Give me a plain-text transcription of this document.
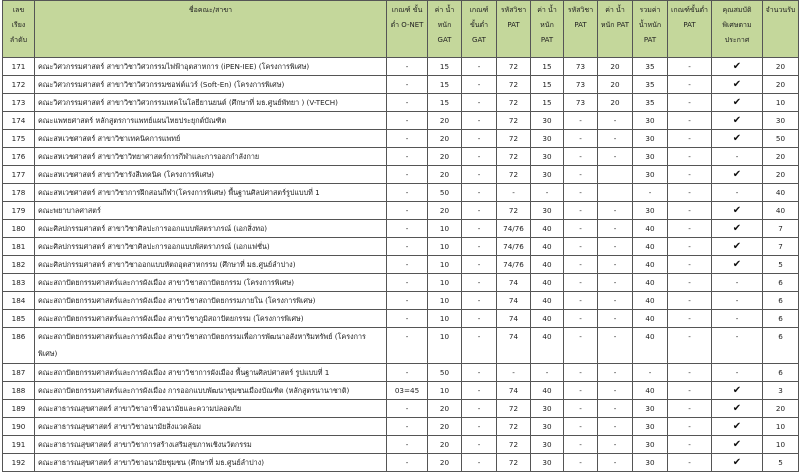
เลข เรียง ลำดับ	ชื่อคณะ/สาขา	เกณฑ์ ขั้นต่ำ O-NET	ค่า น้ำหนัก GAT	เกณฑ์ ขั้นต่ำ GAT	รหัสวิชา PAT	ค่า น้ำหนัก PAT	รหัสวิชา PAT	ค่า น้ำหนัก PAT	รวมค่า น้ำหนัก PAT	เกณฑ์ขั้นต่ำ PAT	คุณสมบัติ พิเศษตาม ประกาศ	จำนวนรับ
171	คณะวิศวกรรมศาสตร์ สาขาวิชาวิศวกรรมไฟฟ้าอุตสาหการ (iPEN-IEE) (โครงการพิเศษ)	-	15	-	72	15	73	20	35	-	✔	20
172	คณะวิศวกรรมศาสตร์ สาขาวิชาวิศวกรรมซอฟต์แวร์ (Soft-En) (โครงการพิเศษ)	-	15	-	72	15	73	20	35	-	✔	20
173	คณะวิศวกรรมศาสตร์ สาขาวิชาวิศวกรรมเทคโนโลยียานยนต์ (ศึกษาที่ มธ.ศูนย์พัทยา ) (V-TECH)	-	15	-	72	15	73	20	35	-	✔	10
174	คณะแพทยศาสตร์ หลักสูตรการแพทย์แผนไทยประยุกต์บัณฑิต	-	20	-	72	30	-	-	30	-	✔	30
175	คณะสหเวชศาสตร์ สาขาวิชาเทคนิคการแพทย์	-	20	-	72	30	-	-	30	-	✔	50
176	คณะสหเวชศาสตร์ สาขาวิชาวิทยาศาสตร์การกีฬาและการออกกำลังกาย	-	20	-	72	30	-	-	30	-	-	20
177	คณะสหเวชศาสตร์ สาขาวิชารังสีเทคนิค (โครงการพิเศษ)	-	20	-	72	30	-		30	-	✔	20
178	คณะสหเวชศาสตร์ สาขาวิชาการฝึกสอนกีฬา(โครงการพิเศษ) พื้นฐานศิลปศาสตร์รูปแบบที่ 1	-	50	-	-	-	-		-	-	-	40
179	คณะพยาบาลศาสตร์	-	20	-	72	30	-	-	30	-	✔	40
180	คณะศิลปกรรมศาสตร์ สาขาวิชาศิลปะการออกแบบพัสตราภรณ์ (เอกสิ่งทอ)	-	10	-	74/76	40	-	-	40	-	✔	7
181	คณะศิลปกรรมศาสตร์ สาขาวิชาศิลปะการออกแบบพัสตราภรณ์ (เอกแฟชั่น)	-	10	-	74/76	40	-	-	40	-	✔	7
182	คณะศิลปกรรมศาสตร์ สาขาวิชาออกแบบหัตถอุตสาหกรรม (ศึกษาที่ มธ.ศูนย์ลำปาง)	-	10	-	74/76	40	-	-	40	-	✔	5
183	คณะสถาปัตยกรรมศาสตร์และการผังเมือง สาขาวิชาสถาปัตยกรรม (โครงการพิเศษ)	-	10	-	74	40	-	-	40	-	-	6
184	คณะสถาปัตยกรรมศาสตร์และการผังเมือง สาขาวิชาสถาปัตยกรรมภายใน (โครงการพิเศษ)	-	10	-	74	40	-	-	40	-	-	6
185	คณะสถาปัตยกรรมศาสตร์และการผังเมือง สาขาวิชาภูมิสถาปัตยกรรม (โครงการพิเศษ)	-	10	-	74	40	-	-	40	-	-	6
186	คณะสถาปัตยกรรมศาสตร์และการผังเมือง สาขาวิชาสถาปัตยกรรมเพื่อการพัฒนาอสังหาริมทรัพย์ (โครงการพิเศษ)	-	10	-	74	40	-	-	40	-	-	6
187	คณะสถาปัตยกรรมศาสตร์และการผังเมือง สาขาวิชาการผังเมือง พื้นฐานศิลปศาสตร์ รูปแบบที่ 1	-	50	-	-	-	-	-	-	-	-	6
188	คณะสถาปัตยกรรมศาสตร์และการผังเมือง การออกแบบพัฒนาชุมชนเมืองบัณฑิต (หลักสูตรนานาชาติ)	03=45	10	-	74	40	-	-	40	-	✔	3
189	คณะสาธารณสุขศาสตร์ สาขาวิชาอาชีวอนามัยและความปลอดภัย	-	20	-	72	30	-	-	30	-	✔	20
190	คณะสาธารณสุขศาสตร์ สาขาวิชาอนามัยสิ่งแวดล้อม	-	20	-	72	30	-	-	30	-	✔	10
191	คณะสาธารณสุขศาสตร์ สาขาวิชาการสร้างเสริมสุขภาพเชิงนวัตกรรม	-	20	-	72	30	-	-	30	-	✔	10
192	คณะสาธารณสุขศาสตร์ สาขาวิชาอนามัยชุมชน (ศึกษาที่ มธ.ศูนย์ลำปาง)	-	20	-	72	30	-	-	30	-	✔	5
